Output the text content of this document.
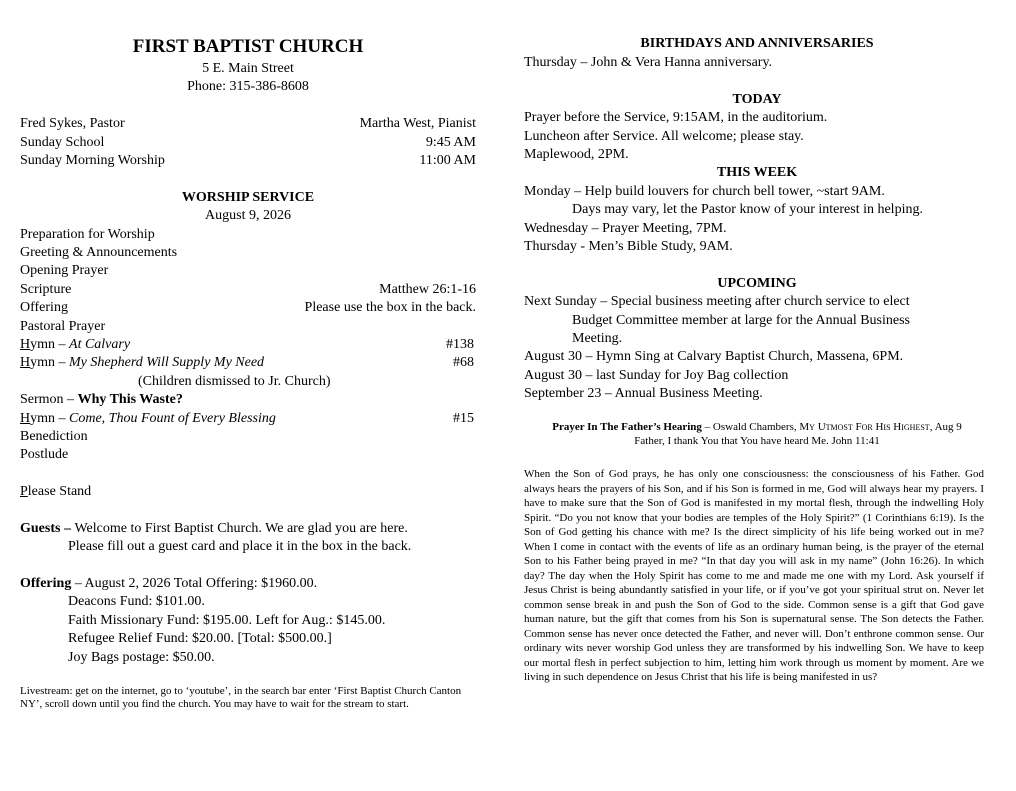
FIRST BAPTIST CHURCH
5 E. Main Street
Phone: 315-386-8608
Fred Sykes, Pastor	Martha West, Pianist
Sunday School	9:45 AM
Sunday Morning Worship	11:00 AM
WORSHIP SERVICE
August 9, 2026
Preparation for Worship
Greeting & Announcements
Opening Prayer
Scripture	Matthew 26:1-16
Offering	Please use the box in the back.
Pastoral Prayer
Hymn – At Calvary	#138
Hymn – My Shepherd Will Supply My Need	#68
(Children dismissed to Jr. Church)
Sermon – Why This Waste?
Hymn – Come, Thou Fount of Every Blessing	#15
Benediction
Postlude
Please Stand
Guests – Welcome to First Baptist Church. We are glad you are here.
Please fill out a guest card and place it in the box in the back.
Offering – August 2, 2026 Total Offering: $1960.00.
Deacons Fund: $101.00.
Faith Missionary Fund: $195.00. Left for Aug.: $145.00.
Refugee Relief Fund: $20.00. [Total: $500.00.]
Joy Bags postage: $50.00.
Livestream: get on the internet, go to ‘youtube’, in the search bar enter ‘First Baptist Church Canton NY’, scroll down until you find the church. You may have to wait for the stream to start.
BIRTHDAYS AND ANNIVERSARIES
Thursday – John & Vera Hanna anniversary.
TODAY
Prayer before the Service, 9:15AM, in the auditorium.
Luncheon after Service. All welcome; please stay.
Maplewood, 2PM.
THIS WEEK
Monday – Help build louvers for church bell tower, ~start 9AM.
Days may vary, let the Pastor know of your interest in helping.
Wednesday – Prayer Meeting, 7PM.
Thursday - Men’s Bible Study, 9AM.
UPCOMING
Next Sunday – Special business meeting after church service to elect
Budget Committee member at large for the Annual Business
Meeting.
August 30 – Hymn Sing at Calvary Baptist Church, Massena, 6PM.
August 30 – last Sunday for Joy Bag collection
September 23 – Annual Business Meeting.
Prayer In The Father’s Hearing – Oswald Chambers, My Utmost For His Highest, Aug 9
Father, I thank You that You have heard Me. John 11:41
When the Son of God prays, he has only one consciousness: the consciousness of his Father. God always hears the prayers of his Son, and if his Son is formed in me, God will always hear my prayers. I have to make sure that the Son of God is manifested in my mortal flesh, through the indwelling Holy Spirit. “Do you not know that your bodies are temples of the Holy Spirit?” (1 Corinthians 6:19). Is the Son of God getting his chance with me? Is the direct simplicity of his life being worked out in me? When I come in contact with the events of life as an ordinary human being, is the prayer of the eternal Son to his Father being prayed in me? “In that day you will ask in my name” (John 16:26). In which day? The day when the Holy Spirit has come to me and made me one with my Lord. Ask yourself if Jesus Christ is being abundantly satisfied in your life, or if you’ve got your spiritual strut on. Never let common sense break in and push the Son of God to the side. Common sense is a gift that God gave human nature, but the gift that comes from his Son is supernatural sense. The Son detects the Father. Common sense has never once detected the Father, and never will. Don’t enthrone common sense. Our ordinary wits never worship God unless they are transformed by his indwelling Son. We have to keep our mortal flesh in perfect subjection to him, letting him work through us moment by moment. Are we living in such dependence on Jesus Christ that his life is being manifested in us?
